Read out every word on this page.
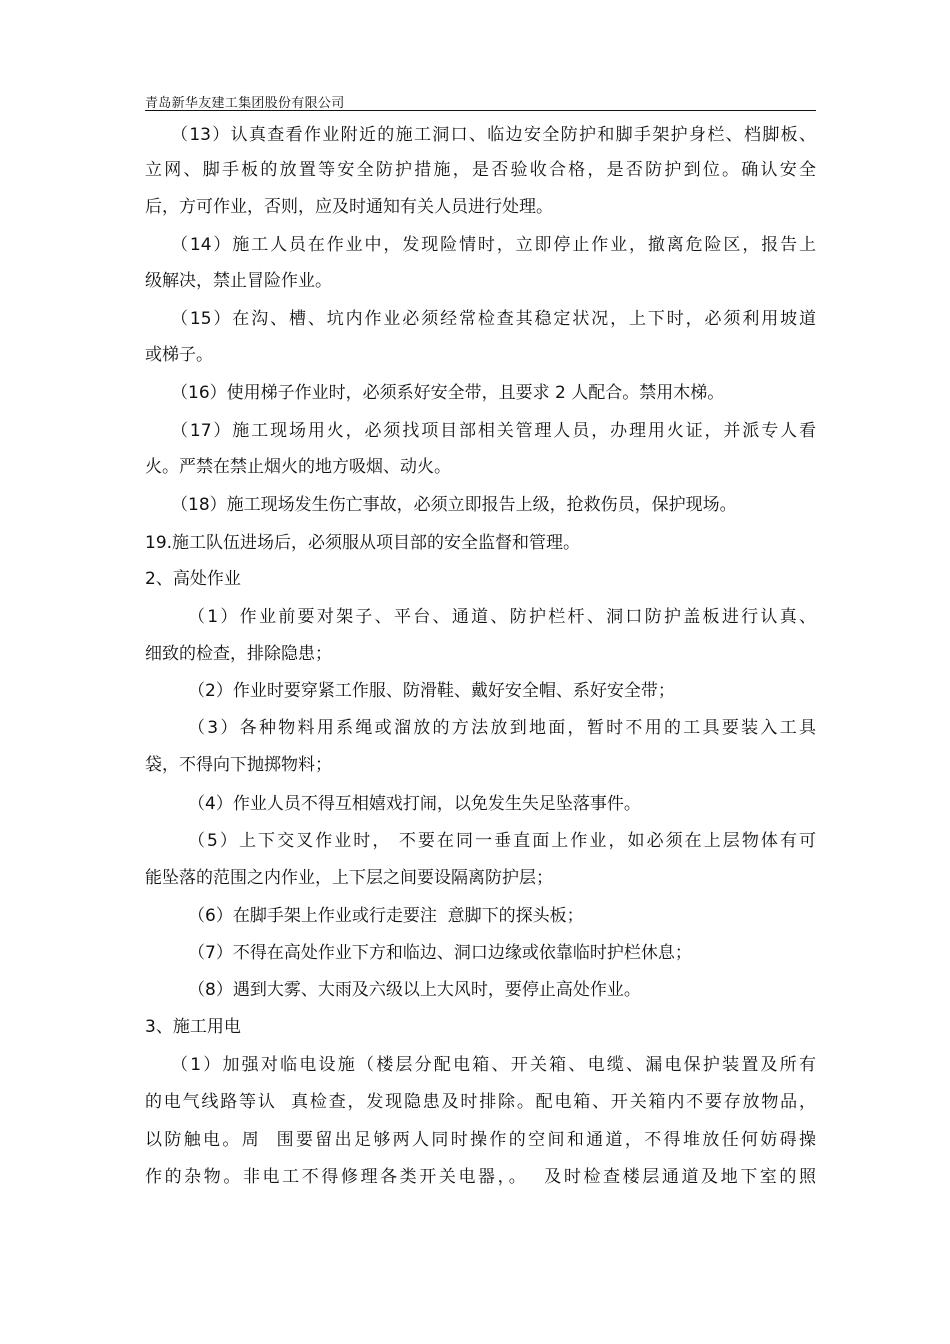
青岛新华友建工集团股份有限公司
（13）认真查看作业附近的施工洞口、临边安全防护和脚手架护身栏、档脚板、
立网、脚手板的放置等安全防护措施，是否验收合格，是否防护到位。确认安全
后，方可作业，否则，应及时通知有关人员进行处理。
（14）施工人员在作业中，发现险情时，立即停止作业，撤离危险区，报告上
级解决，禁止冒险作业。
（15）在沟、槽、坑内作业必须经常检查其稳定状况，上下时，必须利用坡道
或梯子。
（16）使用梯子作业时，必须系好安全带，且要求 2 人配合。禁用木梯。
（17）施工现场用火，必须找项目部相关管理人员，办理用火证，并派专人看
火。严禁在禁止烟火的地方吸烟、动火。
（18）施工现场发生伤亡事故，必须立即报告上级，抢救伤员，保护现场。
19.施工队伍进场后，必须服从项目部的安全监督和管理。
2、高处作业
（1）作业前要对架子、平台、通道、防护栏杆、洞口防护盖板进行认真、
细致的检查，排除隐患；
（2）作业时要穿紧工作服、防滑鞋、戴好安全帽、系好安全带；
（3）各种物料用系绳或溜放的方法放到地面，暂时不用的工具要装入工具
袋，不得向下抛掷物料；
（4）作业人员不得互相嬉戏打闹，以免发生失足坠落事件。
（5）上下交叉作业时， 不要在同一垂直面上作业，如必须在上层物体有可
能坠落的范围之内作业，上下层之间要设隔离防护层；
（6）在脚手架上作业或行走要注  意脚下的探头板；
（7）不得在高处作业下方和临边、洞口边缘或依靠临时护栏休息；
（8）遇到大雾、大雨及六级以上大风时，要停止高处作业。
3、施工用电
（1）加强对临电设施（楼层分配电箱、开关箱、电缆、漏电保护装置及所有
的电气线路等认  真检查，发现隐患及时排除。配电箱、开关箱内不要存放物品，
以防触电。周  围要留出足够两人同时操作的空间和通道，不得堆放任何妨碍操
作的杂物。非电工不得修理各类开关电器，。  及时检查楼层通道及地下室的照
